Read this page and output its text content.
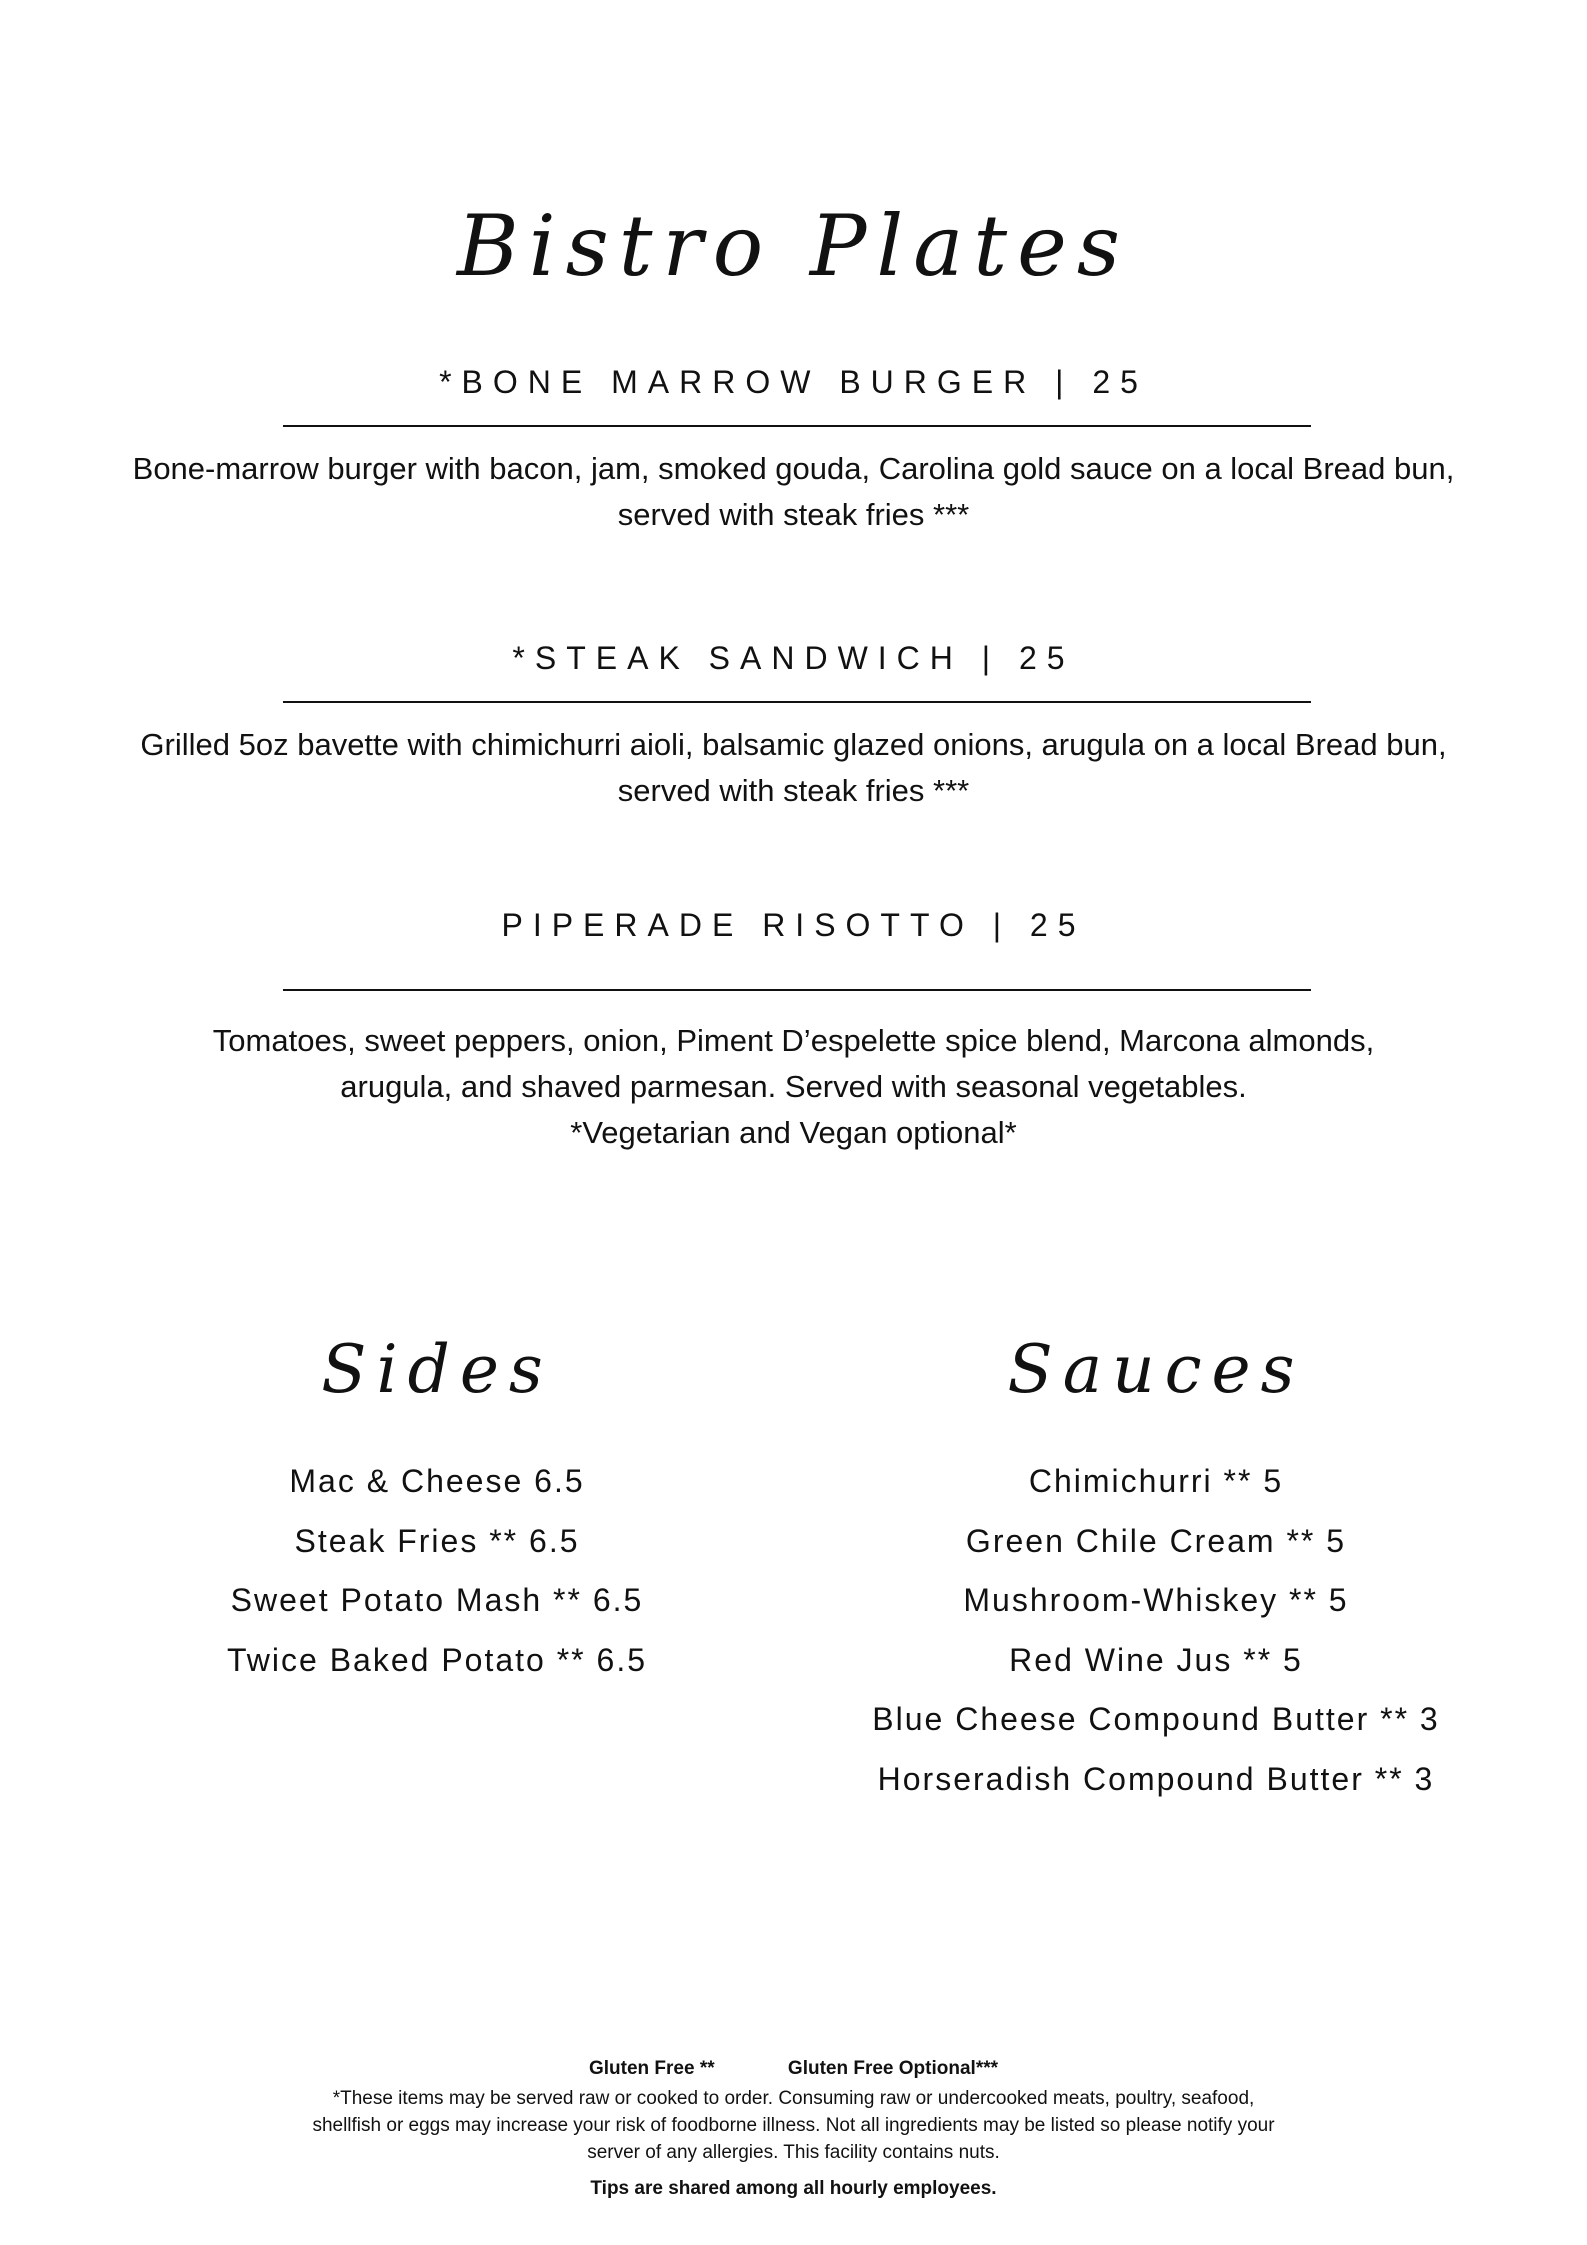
Bistro Plates
*BONE MARROW BURGER | 25
Bone-marrow burger with bacon, jam, smoked gouda, Carolina gold sauce on a local Bread bun, served with steak fries ***
*STEAK SANDWICH | 25
Grilled 5oz bavette with chimichurri aioli, balsamic glazed onions, arugula on a local Bread bun, served with steak fries ***
PIPERADE RISOTTO | 25
Tomatoes, sweet peppers, onion, Piment D’espelette spice blend, Marcona almonds,
arugula, and shaved parmesan. Served with seasonal vegetables.
*Vegetarian and Vegan optional*
Sides
Mac & Cheese 6.5
Steak Fries ** 6.5
Sweet Potato Mash ** 6.5
Twice Baked Potato ** 6.5
Sauces
Chimichurri ** 5
Green Chile Cream ** 5
Mushroom-Whiskey ** 5
Red Wine Jus ** 5
Blue Cheese Compound Butter ** 3
Horseradish Compound Butter ** 3
Gluten Free **	Gluten Free Optional***
*These items may be served raw or cooked to order. Consuming raw or undercooked meats, poultry, seafood,
shellfish or eggs may increase your risk of foodborne illness. Not all ingredients may be listed so please notify your
server of any allergies. This facility contains nuts.
Tips are shared among all hourly employees.
